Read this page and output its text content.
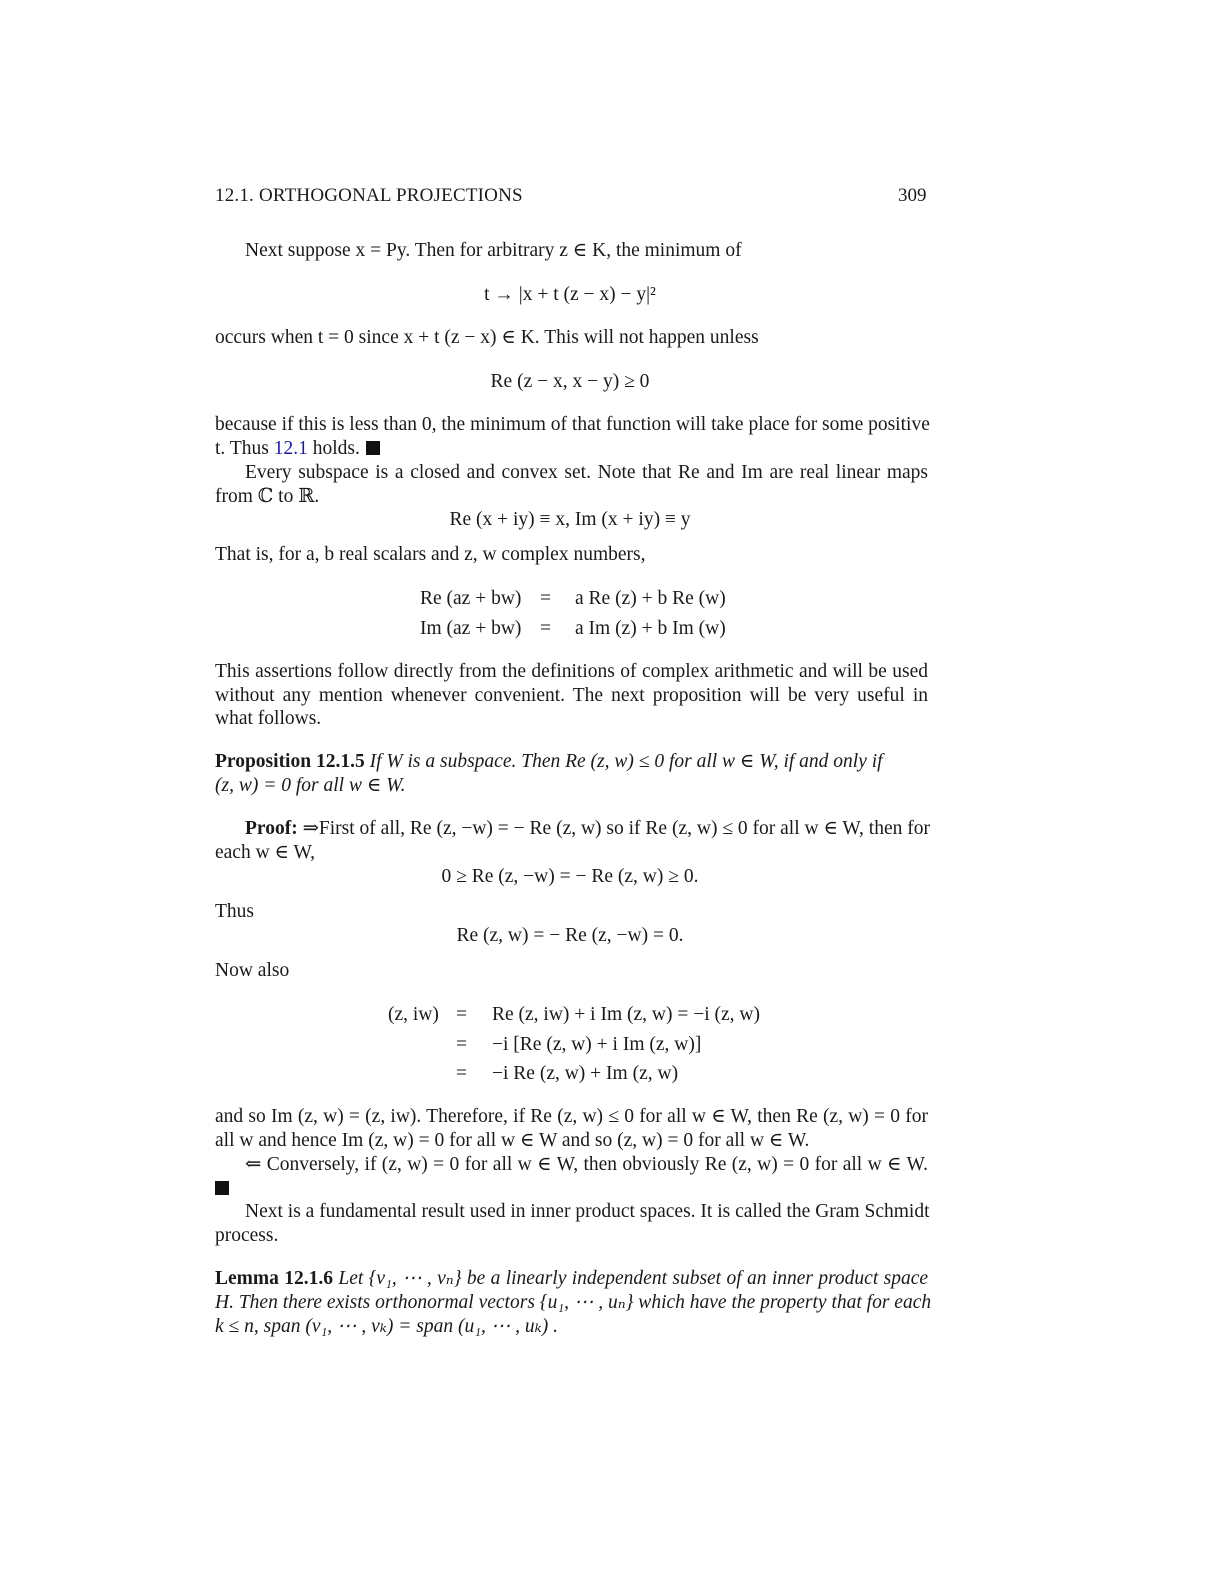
12.1. ORTHOGONAL PROJECTIONS	309
Next suppose x = Py. Then for arbitrary z ∈ K, the minimum of
t → |x + t (z − x) − y|²
occurs when t = 0 since x + t (z − x) ∈ K. This will not happen unless
Re (z − x, x − y) ≥ 0
because if this is less than 0, the minimum of that function will take place for some positive
t. Thus 12.1 holds.
Every subspace is a closed and convex set. Note that Re and Im are real linear maps
from ℂ to ℝ.
Re (x + iy) ≡ x, Im (x + iy) ≡ y
That is, for a, b real scalars and z, w complex numbers,
Re (az + bw) = a Re (z) + b Re (w)
Im (az + bw) = a Im (z) + b Im (w)
This assertions follow directly from the definitions of complex arithmetic and will be used
without any mention whenever convenient. The next proposition will be very useful in
what follows.
Proposition 12.1.5 If W is a subspace. Then Re (z, w) ≤ 0 for all w ∈ W, if and only if
(z, w) = 0 for all w ∈ W.
Proof: ⇒First of all, Re (z, −w) = − Re (z, w) so if Re (z, w) ≤ 0 for all w ∈ W, then for
each w ∈ W,
0 ≥ Re (z, −w) = − Re (z, w) ≥ 0.
Thus
Re (z, w) = − Re (z, −w) = 0.
Now also
(z, iw) = Re (z, iw) + i Im (z, w) = −i (z, w)
= −i [Re (z, w) + i Im (z, w)]
= −i Re (z, w) + Im (z, w)
and so Im (z, w) = (z, iw). Therefore, if Re (z, w) ≤ 0 for all w ∈ W, then Re (z, w) = 0 for
all w and hence Im (z, w) = 0 for all w ∈ W and so (z, w) = 0 for all w ∈ W.
⇐ Conversely, if (z, w) = 0 for all w ∈ W, then obviously Re (z, w) = 0 for all w ∈ W.
Next is a fundamental result used in inner product spaces. It is called the Gram Schmidt
process.
Lemma 12.1.6 Let {v₁, ⋯ , vₙ} be a linearly independent subset of an inner product space
H. Then there exists orthonormal vectors {u₁, ⋯ , uₙ} which have the property that for each
k ≤ n, span (v₁, ⋯ , vₖ) = span (u₁, ⋯ , uₖ) .
